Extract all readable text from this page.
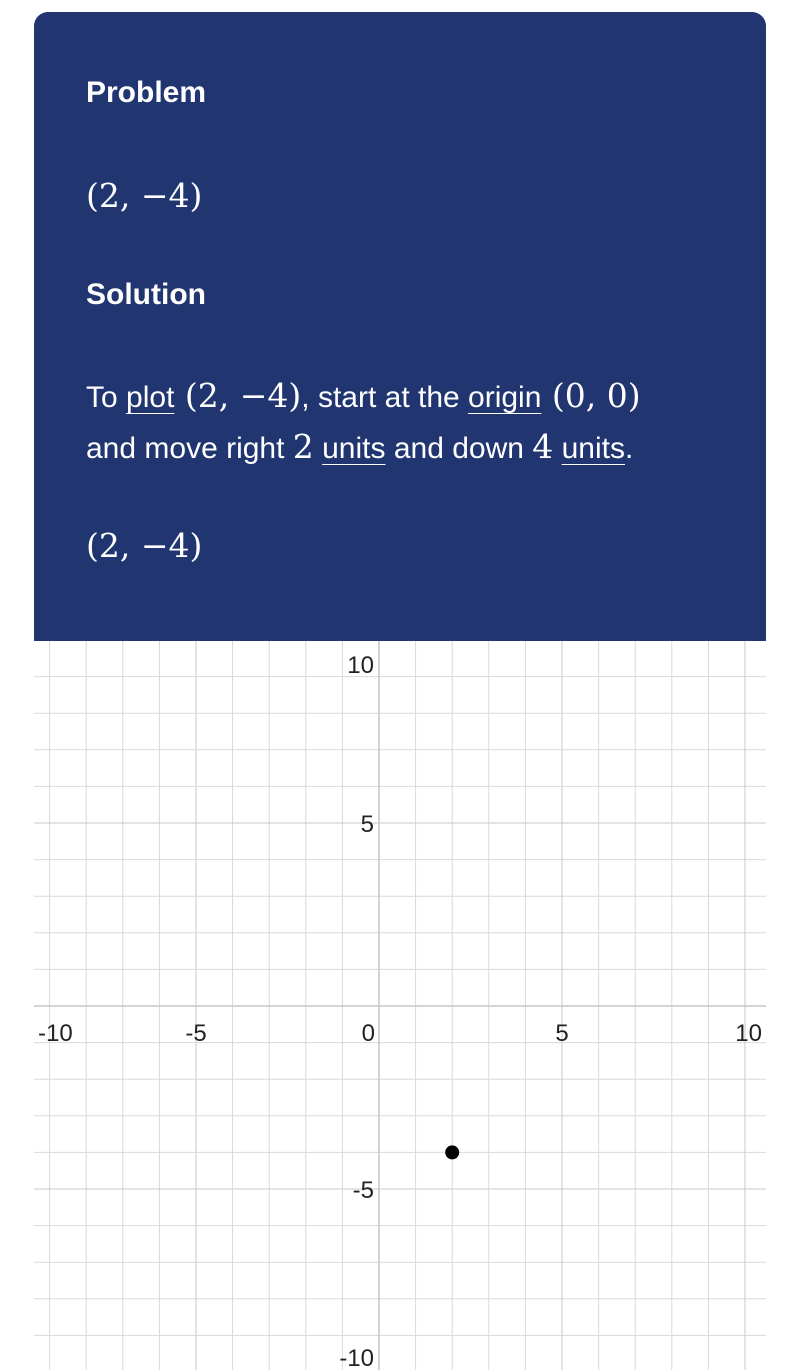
Problem
(2, −4)
Solution
To plot (2, −4), start at the origin (0, 0)
and move right 2 units and down 4 units.
(2, −4)
-10	-5	0	5	10
10
5
-5
-10
